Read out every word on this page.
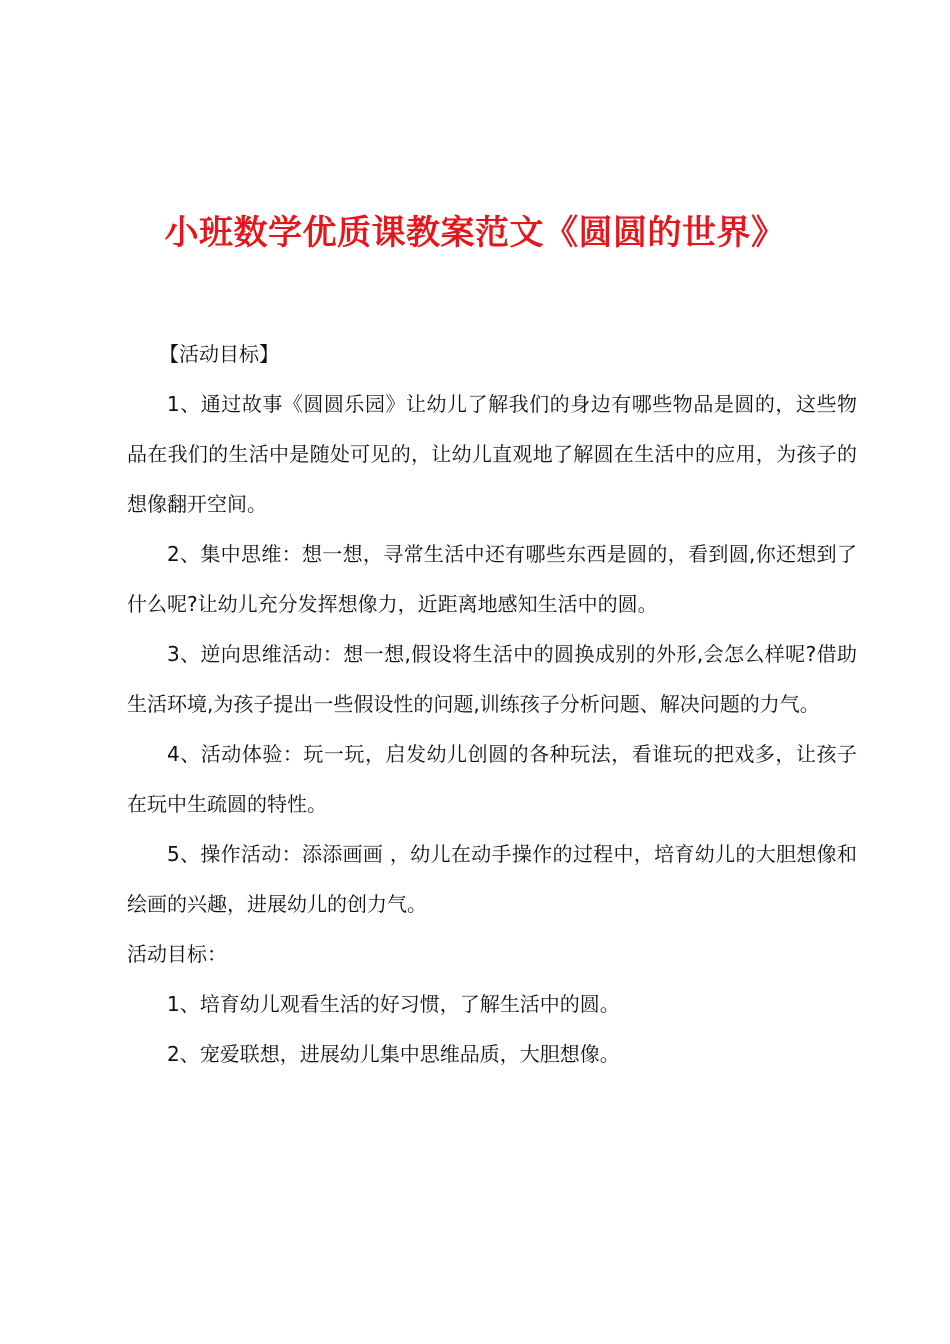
小班数学优质课教案范文《圆圆的世界》

【活动目标】

1、通过故事《圆圆乐园》让幼儿了解我们的身边有哪些物品是圆的，这些物品在我们的生活中是随处可见的，让幼儿直观地了解圆在生活中的应用，为孩子的想像翻开空间。

2、集中思维：想一想，寻常生活中还有哪些东西是圆的，看到圆,你还想到了什么呢?让幼儿充分发挥想像力，近距离地感知生活中的圆。

3、逆向思维活动：想一想,假设将生活中的圆换成别的外形,会怎么样呢?借助生活环境,为孩子提出一些假设性的问题,训练孩子分析问题、解决问题的力气。

4、活动体验：玩一玩，启发幼儿创圆的各种玩法，看谁玩的把戏多，让孩子在玩中生疏圆的特性。

5、操作活动：添添画画 ，幼儿在动手操作的过程中，培育幼儿的大胆想像和绘画的兴趣，进展幼儿的创力气。

活动目标：

1、培育幼儿观看生活的好习惯，了解生活中的圆。

2、宠爱联想，进展幼儿集中思维品质，大胆想像。
